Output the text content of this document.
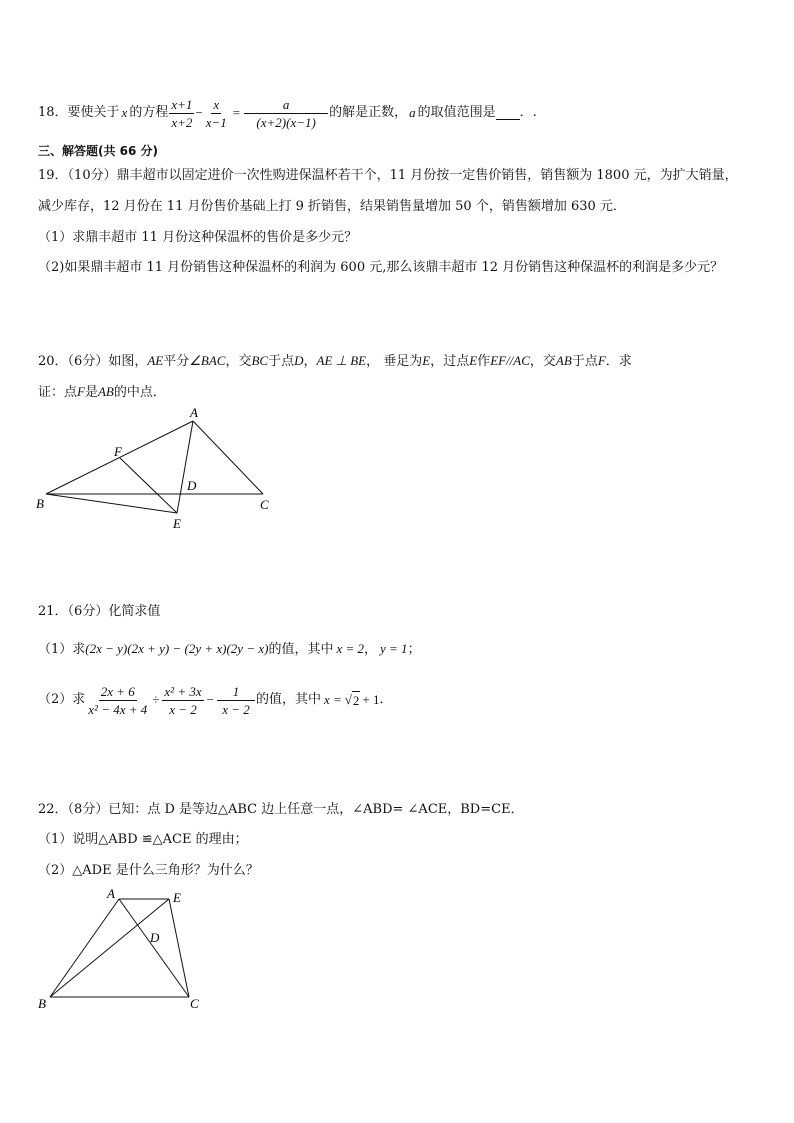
18．要使关于 x 的方程 $\frac{x+1}{x+2} - \frac{x}{x-1} = \frac{a}{(x+2)(x-1)}$ 的解是正数， a 的取值范围是 ．.
三、解答题(共 66 分)
19．（10分）鼎丰超市以固定进价一次性购进保温杯若干个，11 月份按一定售价销售，销售额为 1800 元，为扩大销量，
减少库存，12 月份在 11 月份售价基础上打 9 折销售，结果销售量增加 50 个，销售额增加 630 元．
（1）求鼎丰超市 11 月份这种保温杯的售价是多少元？
（2)如果鼎丰超市 11 月份销售这种保温杯的利润为 600 元,那么该鼎丰超市 12 月份销售这种保温杯的利润是多少元？
20．（6分）如图，AE平分∠BAC，交BC于点D，AE ⊥ BE， 垂足为E，过点E作EF//AC，交AB于点F．求
证：点F是AB的中点．
A
F
D
B	C
E
21．（6分）化简求值
（1）求(2x − y)(2x + y) − (2y + x)(2y − x)的值，其中 x = 2， y = 1；
（2）求 $\frac{2x + 6}{\text{x² − 4x + 4}} \div \frac{\text{x² + 3x}}{x - 2} - \frac{1}{x - 2}$ 的值，其中 x = √ 2 + 1 ．
22．（8分）已知：点 D 是等边△ABC 边上任意一点，∠ABD= ∠ACE，BD=CE．
（1）说明△ABD ≌△ACE 的理由；
（2）△ADE 是什么三角形？为什么？
A	E
D
B	C
